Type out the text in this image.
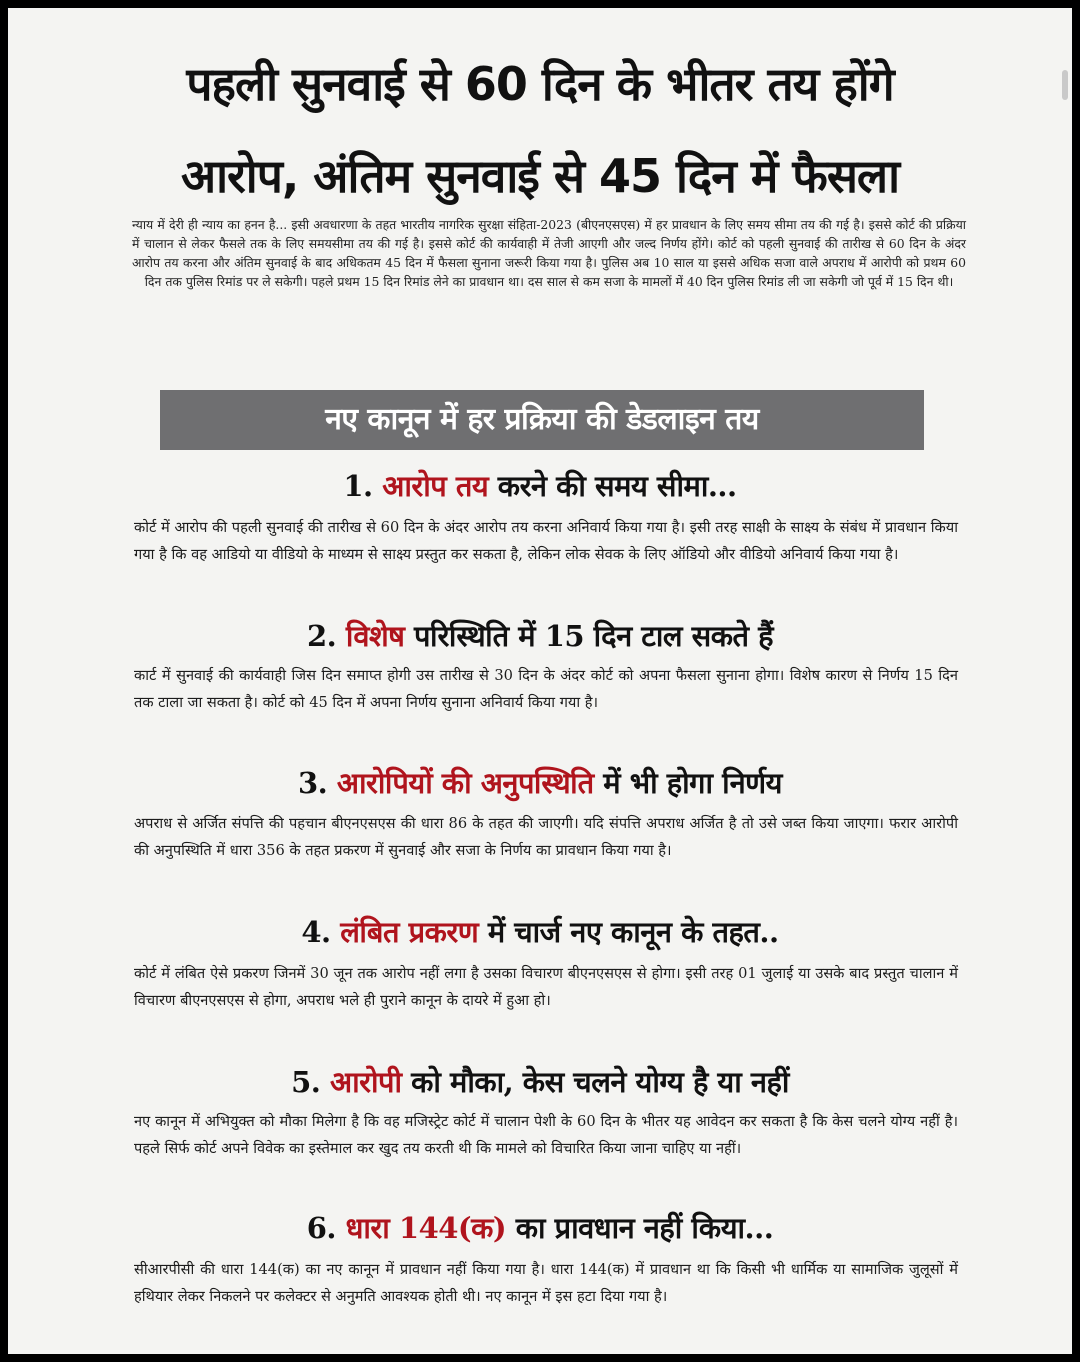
पहली सुनवाई से 60 दिन के भीतर तय होंगे
आरोप, अंतिम सुनवाई से 45 दिन में फैसला
न्याय में देरी ही न्याय का हनन है... इसी अवधारणा के तहत भारतीय नागरिक सुरक्षा संहिता-2023 (बीएनएसएस) में हर प्रावधान के लिए समय सीमा तय की गई है। इससे कोर्ट की प्रक्रिया में चालान से लेकर फैसले तक के लिए समयसीमा तय की गई है। इससे कोर्ट की कार्यवाही में तेजी आएगी और जल्द निर्णय होंगे। कोर्ट को पहली सुनवाई की तारीख से 60 दिन के अंदर आरोप तय करना और अंतिम सुनवाई के बाद अधिकतम 45 दिन में फैसला सुनाना जरूरी किया गया है। पुलिस अब 10 साल या इससे अधिक सजा वाले अपराध में आरोपी को प्रथम 60 दिन तक पुलिस रिमांड पर ले सकेगी। पहले प्रथम 15 दिन रिमांड लेने का प्रावधान था। दस साल से कम सजा के मामलों में 40 दिन पुलिस रिमांड ली जा सकेगी जो पूर्व में 15 दिन थी।
नए कानून में हर प्रक्रिया की डेडलाइन तय
1. आरोप तय करने की समय सीमा...
कोर्ट में आरोप की पहली सुनवाई की तारीख से 60 दिन के अंदर आरोप तय करना अनिवार्य किया गया है। इसी तरह साक्षी के साक्ष्य के संबंध में प्रावधान किया गया है कि वह आडियो या वीडियो के माध्यम से साक्ष्य प्रस्तुत कर सकता है, लेकिन लोक सेवक के लिए ऑडियो और वीडियो अनिवार्य किया गया है।
2. विशेष परिस्थिति में 15 दिन टाल सकते हैं
कार्ट में सुनवाई की कार्यवाही जिस दिन समाप्त होगी उस तारीख से 30 दिन के अंदर कोर्ट को अपना फैसला सुनाना होगा। विशेष कारण से निर्णय 15 दिन तक टाला जा सकता है। कोर्ट को 45 दिन में अपना निर्णय सुनाना अनिवार्य किया गया है।
3. आरोपियों की अनुपस्थिति में भी होगा निर्णय
अपराध से अर्जित संपत्ति की पहचान बीएनएसएस की धारा 86 के तहत की जाएगी। यदि संपत्ति अपराध अर्जित है तो उसे जब्त किया जाएगा। फरार आरोपी की अनुपस्थिति में धारा 356 के तहत प्रकरण में सुनवाई और सजा के निर्णय का प्रावधान किया गया है।
4. लंबित प्रकरण में चार्ज नए कानून के तहत..
कोर्ट में लंबित ऐसे प्रकरण जिनमें 30 जून तक आरोप नहीं लगा है उसका विचारण बीएनएसएस से होगा। इसी तरह 01 जुलाई या उसके बाद प्रस्तुत चालान में विचारण बीएनएसएस से होगा, अपराध भले ही पुराने कानून के दायरे में हुआ हो।
5. आरोपी को मौका, केस चलने योग्य है या नहीं
नए कानून में अभियुक्त को मौका मिलेगा है कि वह मजिस्ट्रेट कोर्ट में चालान पेशी के 60 दिन के भीतर यह आवेदन कर सकता है कि केस चलने योग्य नहीं है। पहले सिर्फ कोर्ट अपने विवेक का इस्तेमाल कर खुद तय करती थी कि मामले को विचारित किया जाना चाहिए या नहीं।
6. धारा 144(क) का प्रावधान नहीं किया...
सीआरपीसी की धारा 144(क) का नए कानून में प्रावधान नहीं किया गया है। धारा 144(क) में प्रावधान था कि किसी भी धार्मिक या सामाजिक जुलूसों में हथियार लेकर निकलने पर कलेक्टर से अनुमति आवश्यक होती थी। नए कानून में इस हटा दिया गया है।
